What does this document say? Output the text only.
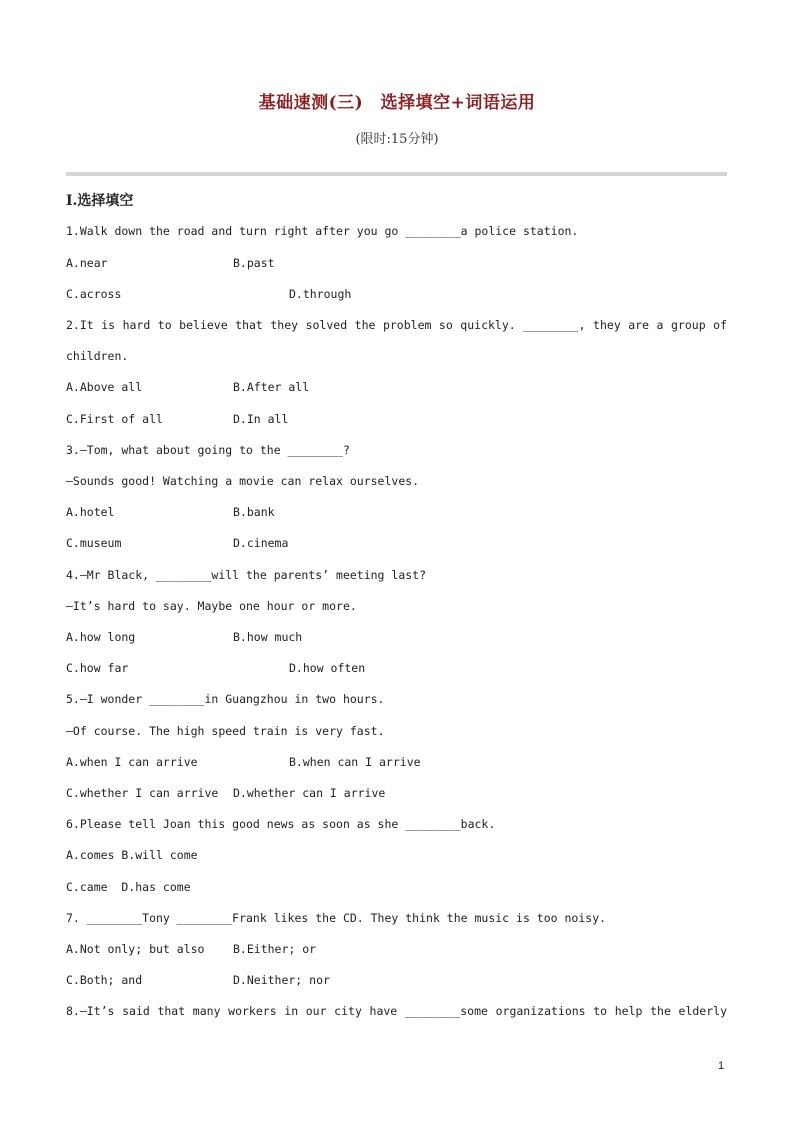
基础速测(三)　选择填空+词语运用
(限时:15分钟)
Ⅰ.选择填空
1.Walk down the road and turn right after you go ________a police station.
A.near	B.past
C.across	D.through
2.It is hard to believe that they solved the problem so quickly. ________, they are a group of
children.
A.Above all	B.After all
C.First of all	D.In all
3.—Tom, what about going to the ________?
—Sounds good! Watching a movie can relax ourselves.
A.hotel	B.bank
C.museum	D.cinema
4.—Mr Black, ________will the parents’ meeting last?
—It’s hard to say. Maybe one hour or more.
A.how long	B.how much
C.how far	D.how often
5.—I wonder ________in Guangzhou in two hours.
—Of course. The high speed train is very fast.
A.when I can arrive	B.when can I arrive
C.whether I can arrive D.whether can I arrive
6.Please tell Joan this good news as soon as she ________back.
A.comes B.will come
C.came  D.has come
7. ________Tony ________Frank likes the CD. They think the music is too noisy.
A.Not only; but also B.Either; or
C.Both; and	D.Neither; nor
8.—It’s said that many workers in our city have ________some organizations to help the elderly
1
